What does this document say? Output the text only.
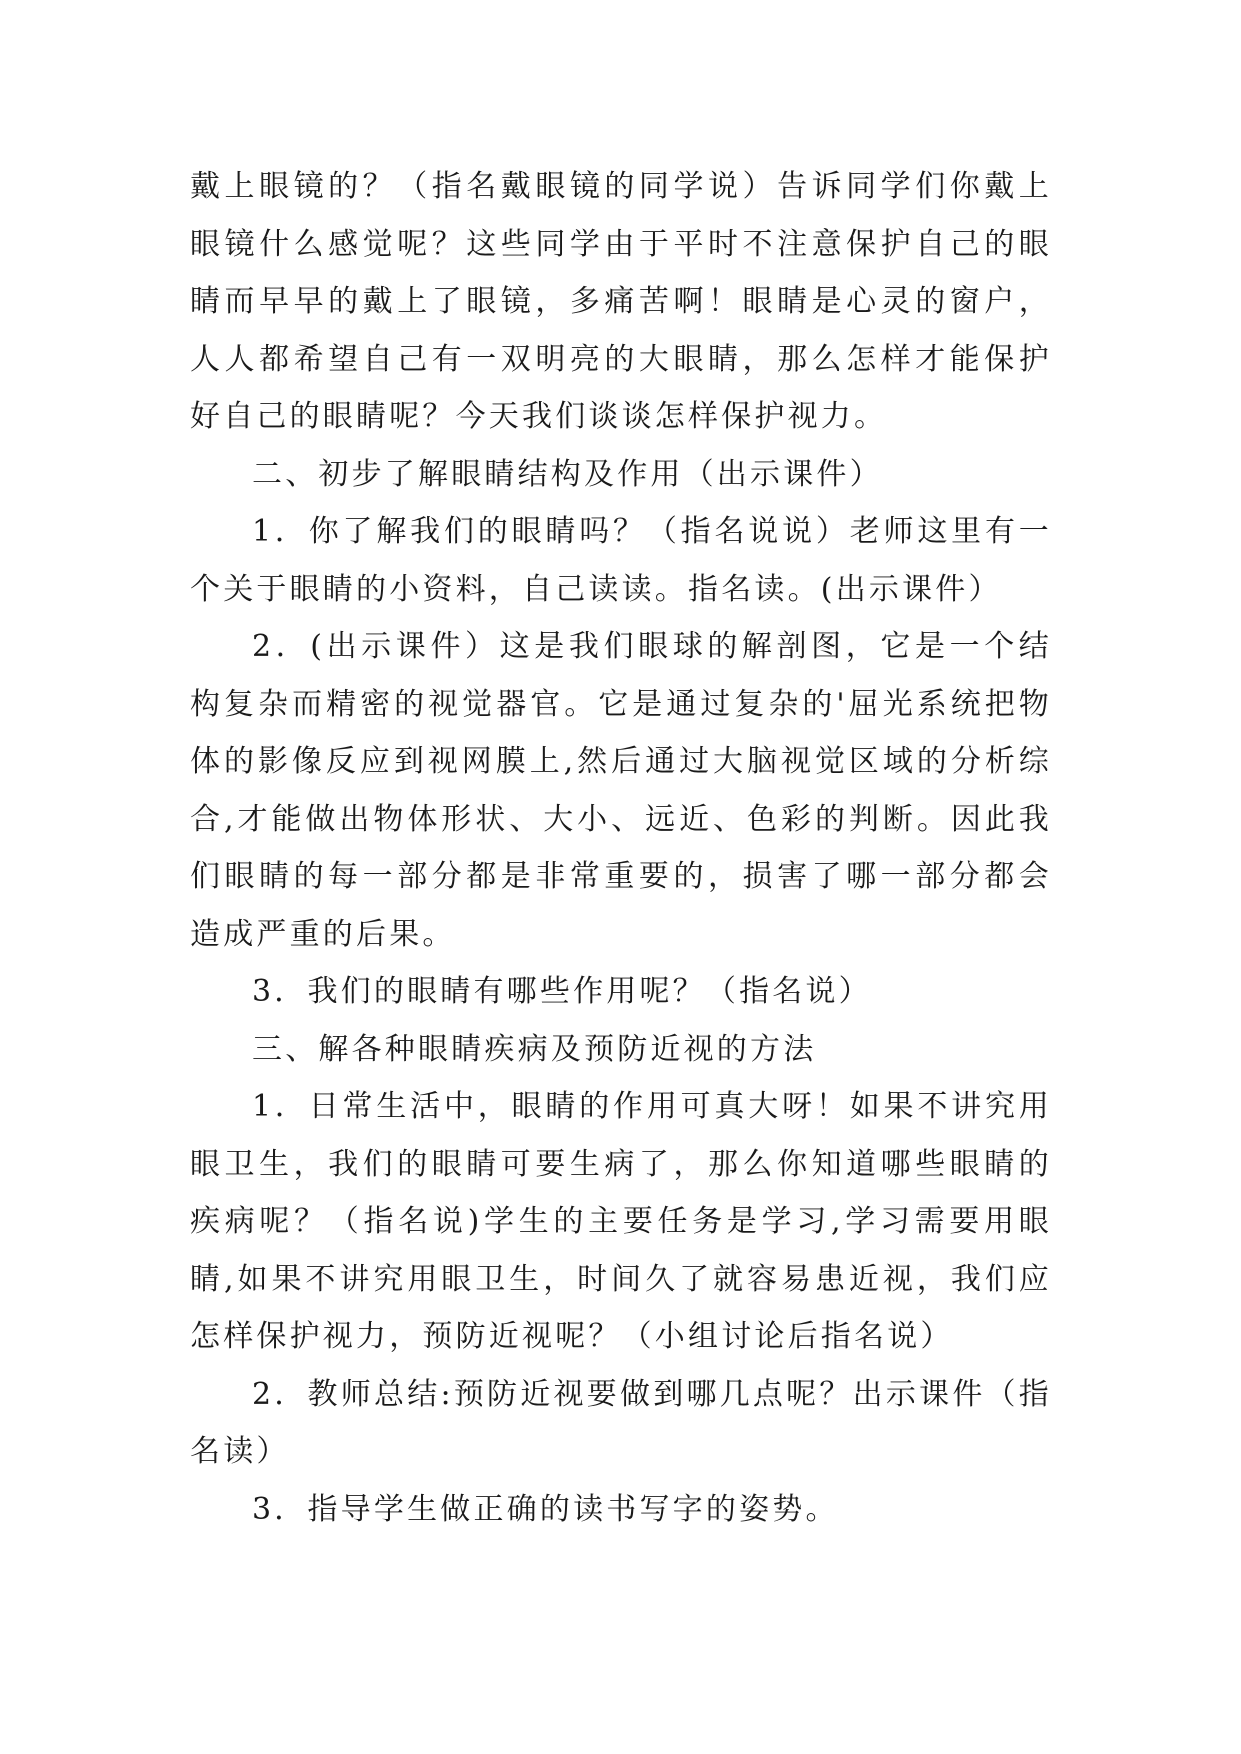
戴上眼镜的？（指名戴眼镜的同学说）告诉同学们你戴上眼镜什么感觉呢？这些同学由于平时不注意保护自己的眼睛而早早的戴上了眼镜，多痛苦啊！眼睛是心灵的窗户，人人都希望自己有一双明亮的大眼睛，那么怎样才能保护好自己的眼睛呢？今天我们谈谈怎样保护视力。

二、初步了解眼睛结构及作用（出示课件）

1．你了解我们的眼睛吗？（指名说说）老师这里有一个关于眼睛的小资料，自己读读。指名读。(出示课件）

2．(出示课件）这是我们眼球的解剖图，它是一个结构复杂而精密的视觉器官。它是通过复杂的'屈光系统把物体的影像反应到视网膜上,然后通过大脑视觉区域的分析综合,才能做出物体形状、大小、远近、色彩的判断。因此我们眼睛的每一部分都是非常重要的，损害了哪一部分都会造成严重的后果。

3．我们的眼睛有哪些作用呢？（指名说）

三、解各种眼睛疾病及预防近视的方法

1．日常生活中，眼睛的作用可真大呀！如果不讲究用眼卫生，我们的眼睛可要生病了，那么你知道哪些眼睛的疾病呢？（指名说)学生的主要任务是学习,学习需要用眼睛,如果不讲究用眼卫生，时间久了就容易患近视，我们应怎样保护视力，预防近视呢？（小组讨论后指名说）

2．教师总结:预防近视要做到哪几点呢？出示课件（指名读）

3．指导学生做正确的读书写字的姿势。
